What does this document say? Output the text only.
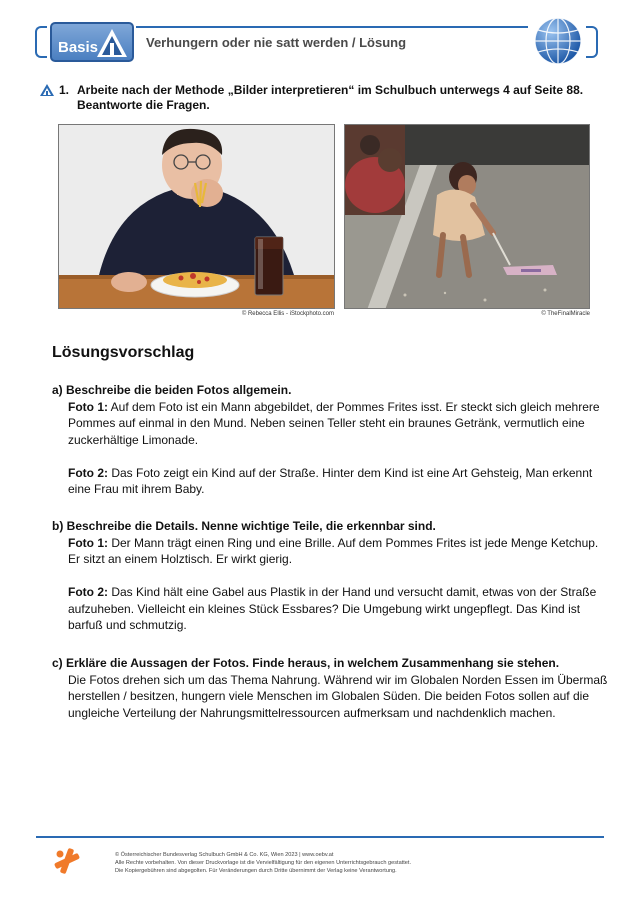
Basis	Verhungern oder nie satt werden / Lösung
1. Arbeite nach der Methode „Bilder interpretieren“ im Schulbuch unterwegs 4 auf Seite 88. Beantworte die Fragen.
© Rebecca Ellis - iStockphoto.com	© TheFinalMiracle
Lösungsvorschlag
a) Beschreibe die beiden Fotos allgemein.

Foto 1: Auf dem Foto ist ein Mann abgebildet, der Pommes Frites isst. Er steckt sich gleich mehrere Pommes auf einmal in den Mund. Neben seinen Teller steht ein braunes Getränk, vermutlich eine zuckerhältige Limonade.

Foto 2: Das Foto zeigt ein Kind auf der Straße. Hinter dem Kind ist eine Art Gehsteig, Man erkennt eine Frau mit ihrem Baby.

b) Beschreibe die Details. Nenne wichtige Teile, die erkennbar sind.

Foto 1: Der Mann trägt einen Ring und eine Brille. Auf dem Pommes Frites ist jede Menge Ketchup. Er sitzt an einem Holztisch. Er wirkt gierig.

Foto 2: Das Kind hält eine Gabel aus Plastik in der Hand und versucht damit, etwas von der Straße aufzuheben. Vielleicht ein kleines Stück Essbares? Die Umgebung wirkt ungepflegt. Das Kind ist barfuß und schmutzig.

c) Erkläre die Aussagen der Fotos. Finde heraus, in welchem Zusammenhang sie stehen.

Die Fotos drehen sich um das Thema Nahrung. Während wir im Globalen Norden Essen im Übermaß herstellen / besitzen, hungern viele Menschen im Globalen Süden. Die beiden Fotos sollen auf die ungleiche Verteilung der Nahrungsmittelressourcen aufmerksam und nachdenklich machen.

© Österreichischer Bundesverlag Schulbuch GmbH & Co. KG, Wien 2023 | www.oebv.at
Alle Rechte vorbehalten. Von dieser Druckvorlage ist die Vervielfältigung für den eigenen Unterrichtsgebrauch gestattet.
Die Kopiergebühren sind abgegolten. Für Veränderungen durch Dritte übernimmt der Verlag keine Verantwortung.
